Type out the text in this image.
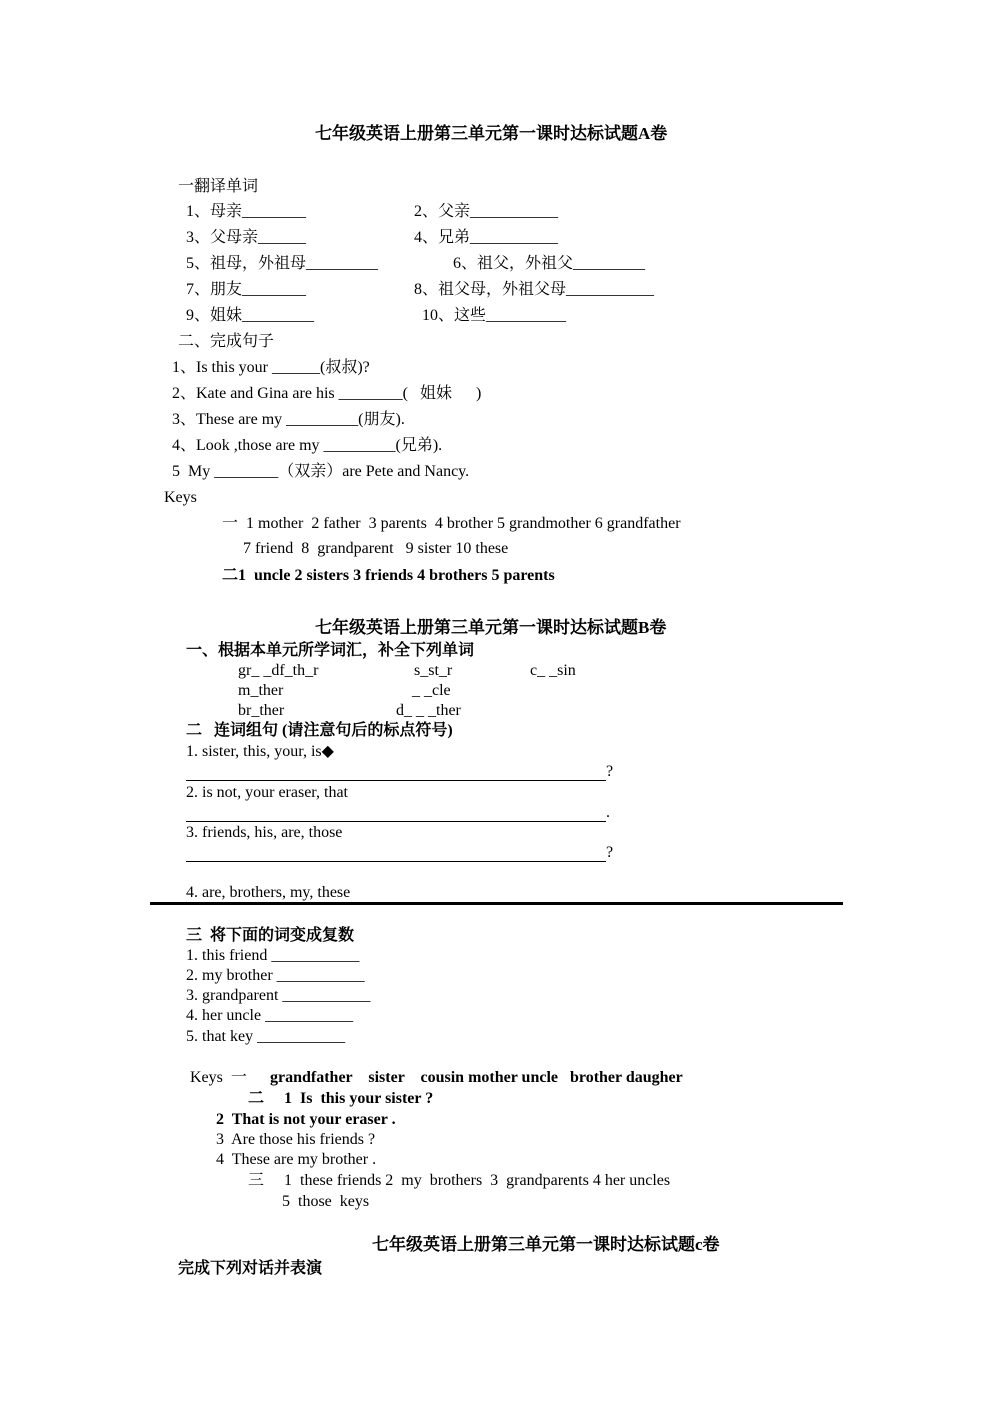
七年级英语上册第三单元第一课时达标试题A卷
一翻译单词
1、母亲________	2、父亲___________
3、父母亲______	4、兄弟___________
5、祖母，外祖母_________	6、祖父，外祖父_________
7、朋友________	8、祖父母，外祖父母___________
9、姐妹_________	10、这些__________
二、完成句子
1、Is this your ______(叔叔)?
2、Kate and Gina are his ________(   姐妹      )
3、These are my _________(朋友).
4、Look ,those are my _________(兄弟).
5  My ________（双亲）are Pete and Nancy.
Keys
一  1 mother  2 father  3 parents  4 brother 5 grandmother 6 grandfather
7 friend  8  grandparent   9 sister 10 these
二1  uncle 2 sisters 3 friends 4 brothers 5 parents
七年级英语上册第三单元第一课时达标试题B卷
一、根据本单元所学词汇，补全下列单词
gr_ _df_th_r	s_st_r	c_ _sin
m_ther	_ _cle
br_ther	d_ _ _ther
二   连词组句 (请注意句后的标点符号)
1. sister, this, your, is◆
?
2. is not, your eraser, that
.
3. friends, his, are, those
?
4. are, brothers, my, these
三  将下面的词变成复数
1. this friend ___________
2. my brother ___________
3. grandparent ___________
4. her uncle ___________
5. that key ___________
Keys  一 grandfather    sister    cousin mother uncle   brother daugher
二     1  Is  this your sister ?
2  That is not your eraser .
3  Are those his friends ?
4  These are my brother .
三     1  these friends 2  my  brothers  3  grandparents 4 her uncles
5  those  keys
七年级英语上册第三单元第一课时达标试题c卷
完成下列对话并表演
